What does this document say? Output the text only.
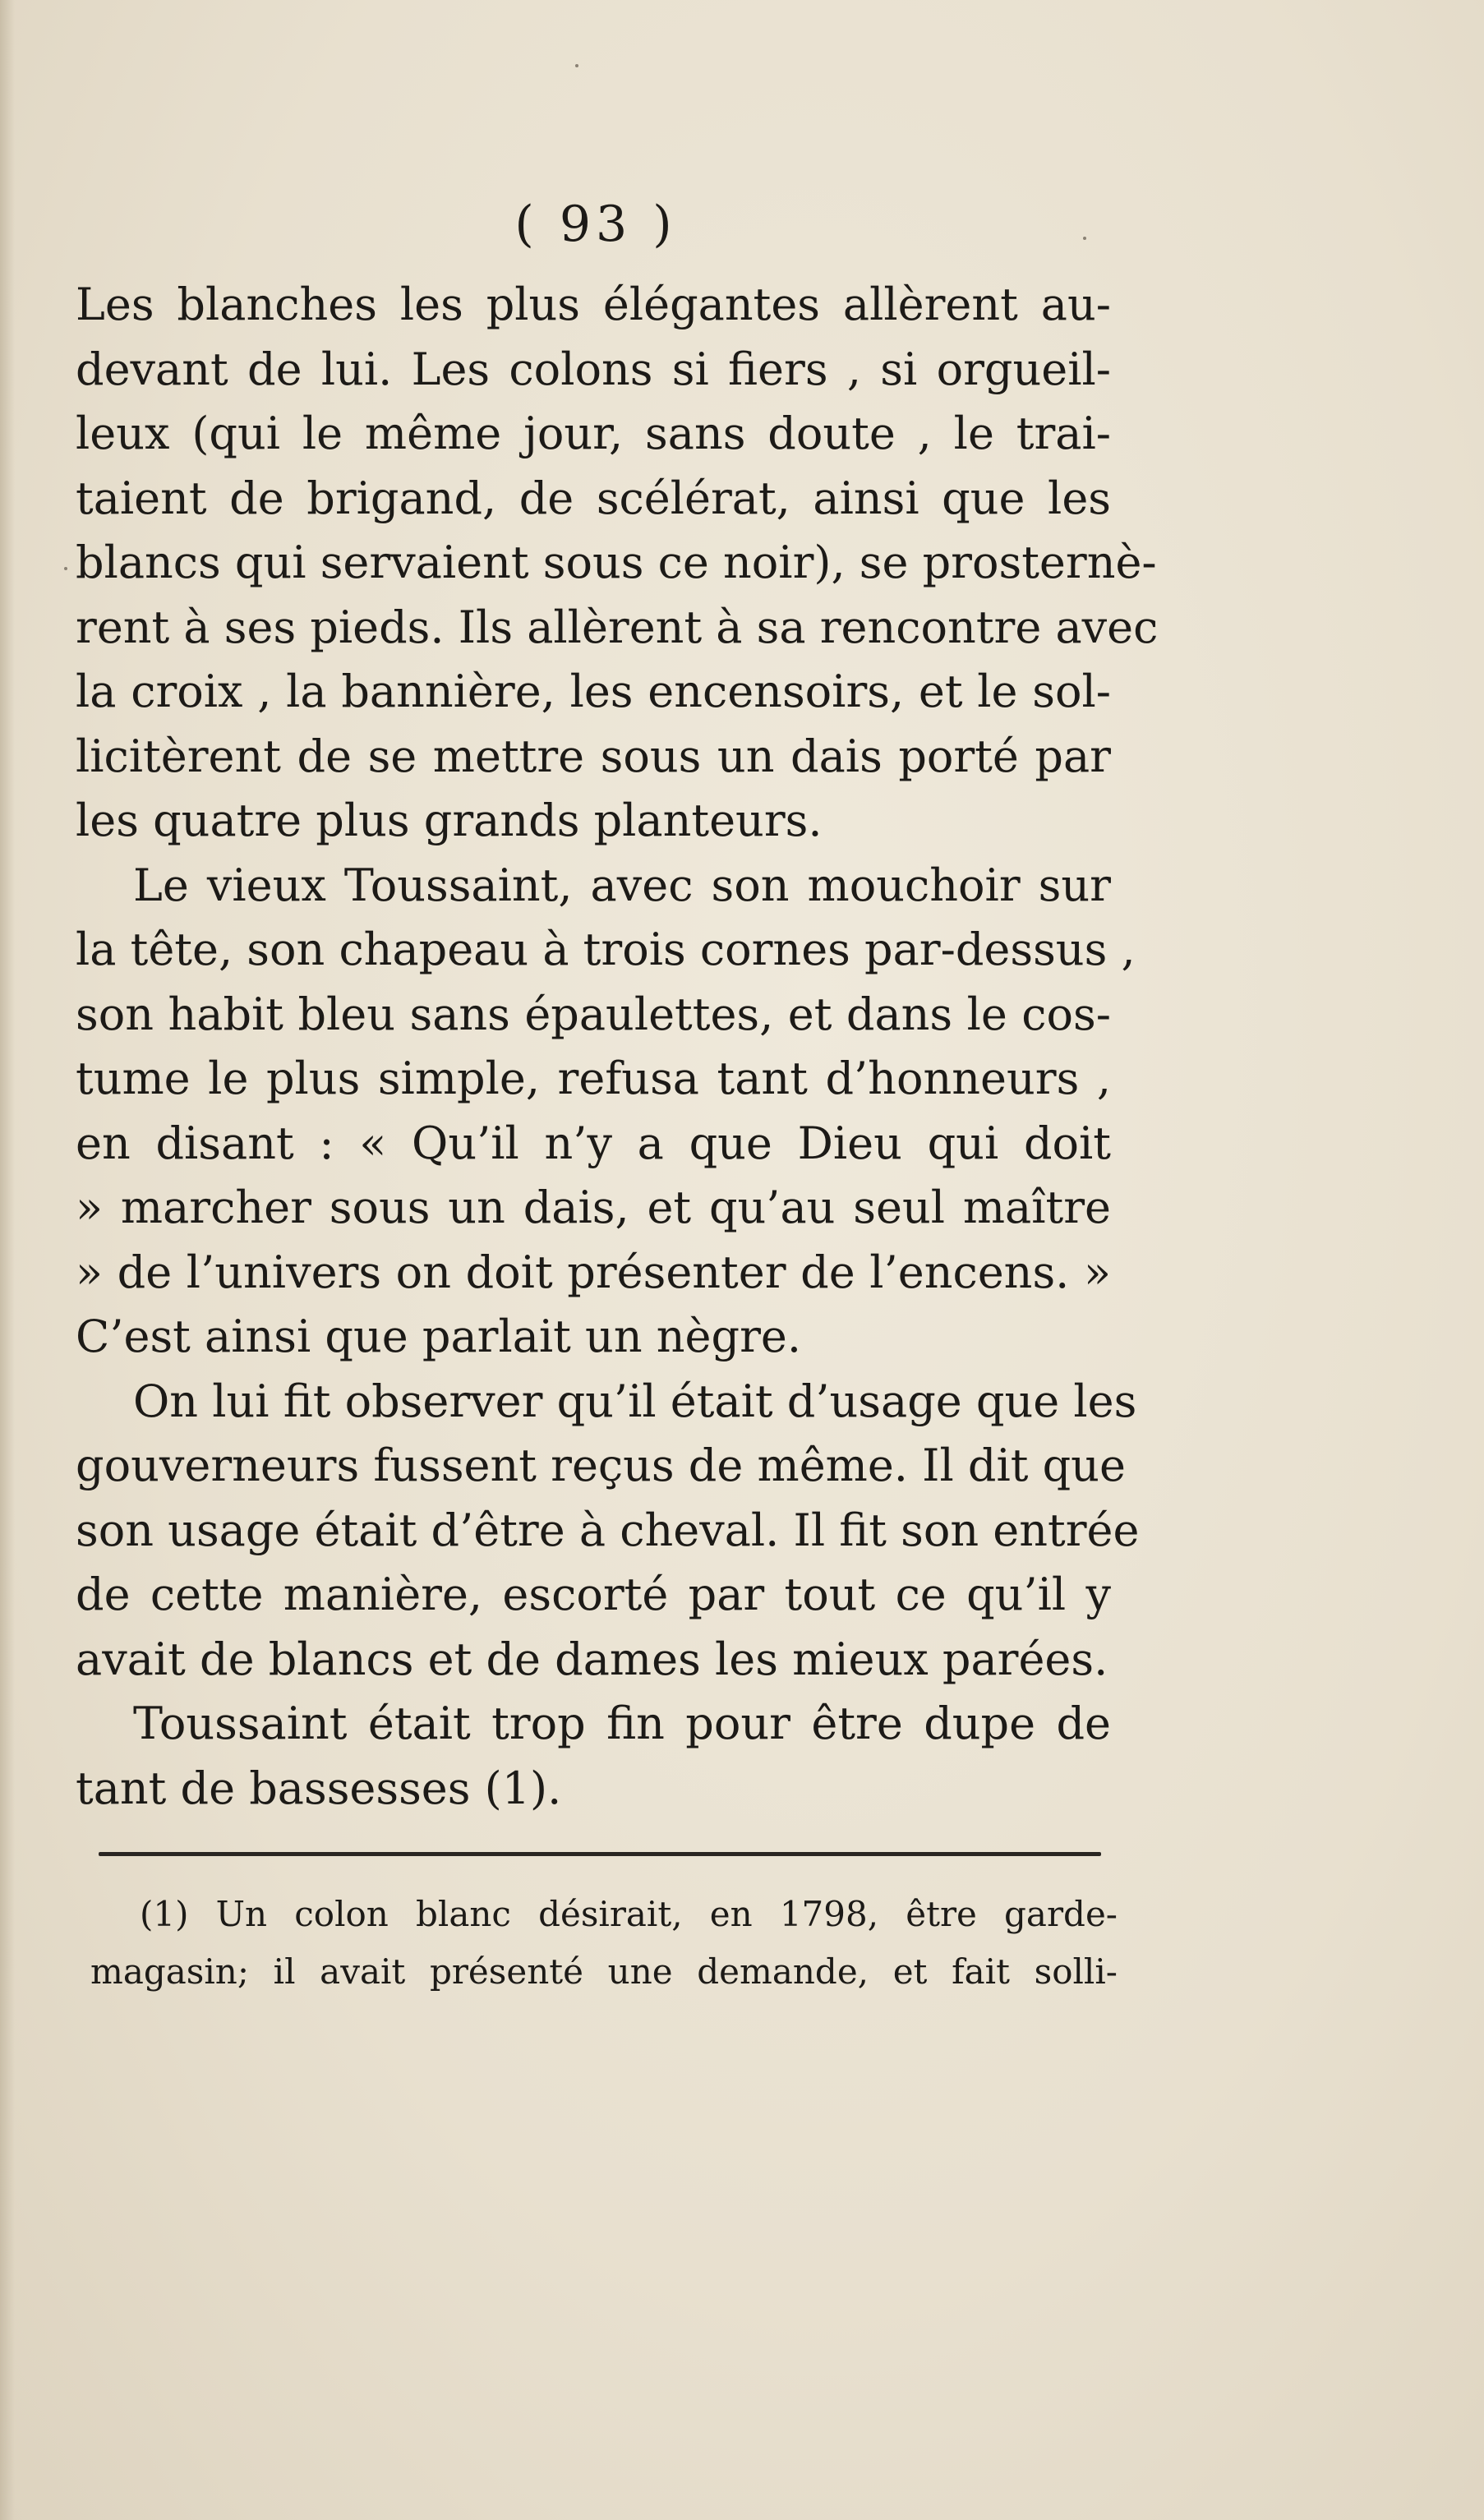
( 93 )
Les blanches les plus élégantes allèrent au-
devant de lui. Les colons si fiers , si orgueil-
leux (qui le même jour, sans doute , le trai-
taient de brigand, de scélérat, ainsi que les
blancs qui servaient sous ce noir), se prosternè-
rent à ses pieds. Ils allèrent à sa rencontre avec
la croix , la bannière, les encensoirs, et le sol-
licitèrent de se mettre sous un dais porté par
les quatre plus grands planteurs.
Le vieux Toussaint, avec son mouchoir sur
la tête, son chapeau à trois cornes par-dessus ,
son habit bleu sans épaulettes, et dans le cos-
tume le plus simple, refusa tant d’honneurs ,
en disant : « Qu’il n’y a que Dieu qui doit
» marcher sous un dais, et qu’au seul maître
» de l’univers on doit présenter de l’encens. »
C’est ainsi que parlait un nègre.
On lui fit observer qu’il était d’usage que les
gouverneurs fussent reçus de même. Il dit que
son usage était d’être à cheval. Il fit son entrée
de cette manière, escorté par tout ce qu’il y
avait de blancs et de dames les mieux parées.
Toussaint était trop fin pour être dupe de
tant de bassesses (1).
(1) Un colon blanc désirait, en 1798, être garde-
magasin; il avait présenté une demande, et fait solli-
